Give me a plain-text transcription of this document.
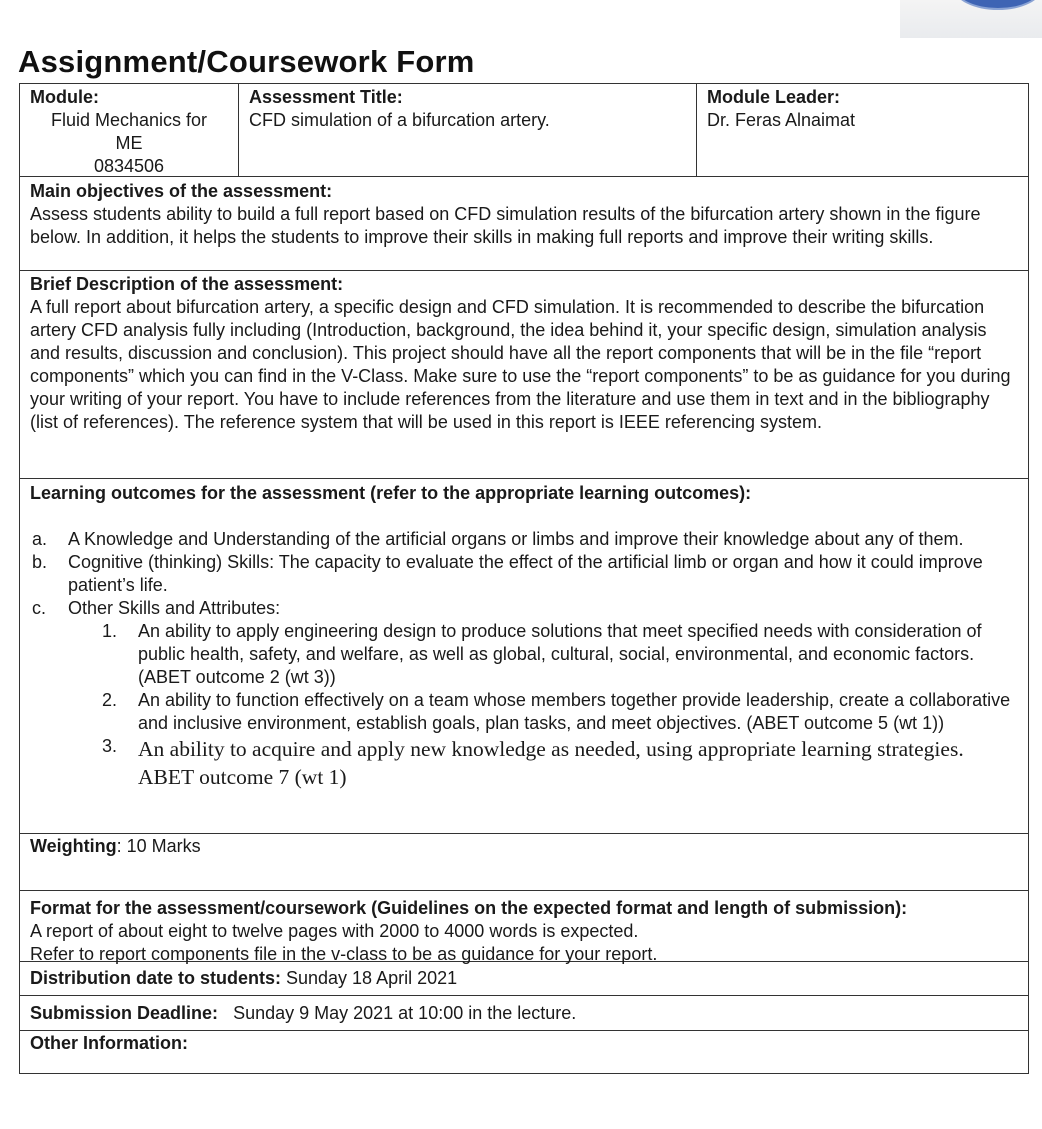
Assignment/Coursework Form
Module:
Fluid Mechanics for
ME
0834506
Assessment Title:
CFD simulation of a bifurcation artery.
Module Leader:
Dr. Feras Alnaimat
Main objectives of the assessment:

Assess students ability to build a full report based on CFD simulation results of the bifurcation artery shown in the figure below. In addition, it helps the students to improve their skills in making full reports and improve their writing skills.

Brief Description of the assessment:

A full report about bifurcation artery, a specific design and CFD simulation. It is recommended to describe the bifurcation artery CFD analysis fully including (Introduction, background, the idea behind it, your specific design, simulation analysis and results, discussion and conclusion). This project should have all the report components that will be in the file “report components” which you can find in the V-Class. Make sure to use the “report components” to be as guidance for you during your writing of your report. You have to include references from the literature and use them in text and in the bibliography (list of references). The reference system that will be used in this report is IEEE referencing system.

Learning outcomes for the assessment (refer to the appropriate learning outcomes):
a.	A Knowledge and Understanding of the artificial organs or limbs and improve their knowledge about any of them.
b.	Cognitive (thinking) Skills: The capacity to evaluate the effect of the artificial limb or organ and how it could improve patient’s life.
c.	Other Skills and Attributes:
1.	An ability to apply engineering design to produce solutions that meet specified needs with consideration of public health, safety, and welfare, as well as global, cultural, social, environmental, and economic factors. (ABET outcome 2 (wt 3))
2.	An ability to function effectively on a team whose members together provide leadership, create a collaborative and inclusive environment, establish goals, plan tasks, and meet objectives. (ABET outcome 5 (wt 1))
3. An ability to acquire and apply new knowledge as needed, using appropriate learning strategies. ABET outcome 7 (wt 1)
Weighting: 10 Marks
Format for the assessment/coursework (Guidelines on the expected format and length of submission):
A report of about eight to twelve pages with 2000 to 4000 words is expected.
Refer to report components file in the v-class to be as guidance for your report.
Distribution date to students: Sunday 18 April 2021
Submission Deadline: Sunday 9 May 2021 at 10:00 in the lecture.
Other Information:
